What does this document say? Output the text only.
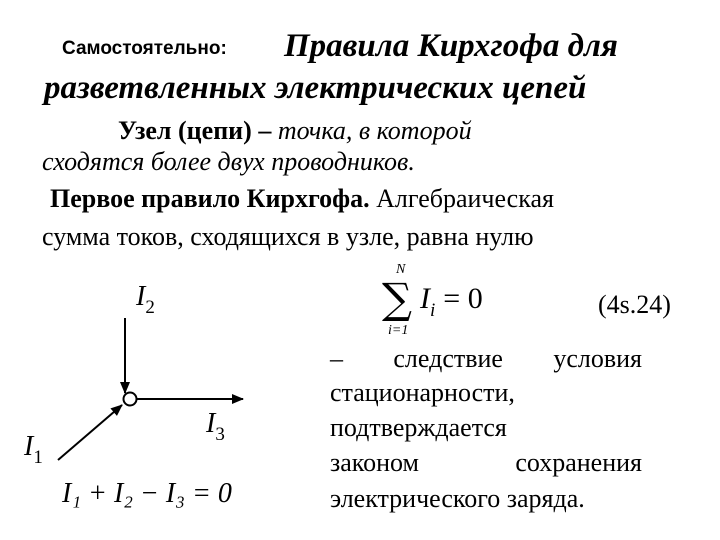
Самостоятельно: Правила Кирхгофа для
разветвленных электрических цепей
Узел (цепи) – точка, в которой
сходятся более двух проводников.
Первое правило Кирхгофа. Алгебраическая
сумма токов, сходящихся в узле, равна нулю
$I_2$
$I_3$
$I_1$
I₁ + I₂ − I₃ = 0
N
∑
i=1
$I_i = 0$	(4s.24)
– следствие условия
стационарности,
подтверждается
законом	сохранения
электрического заряда.
